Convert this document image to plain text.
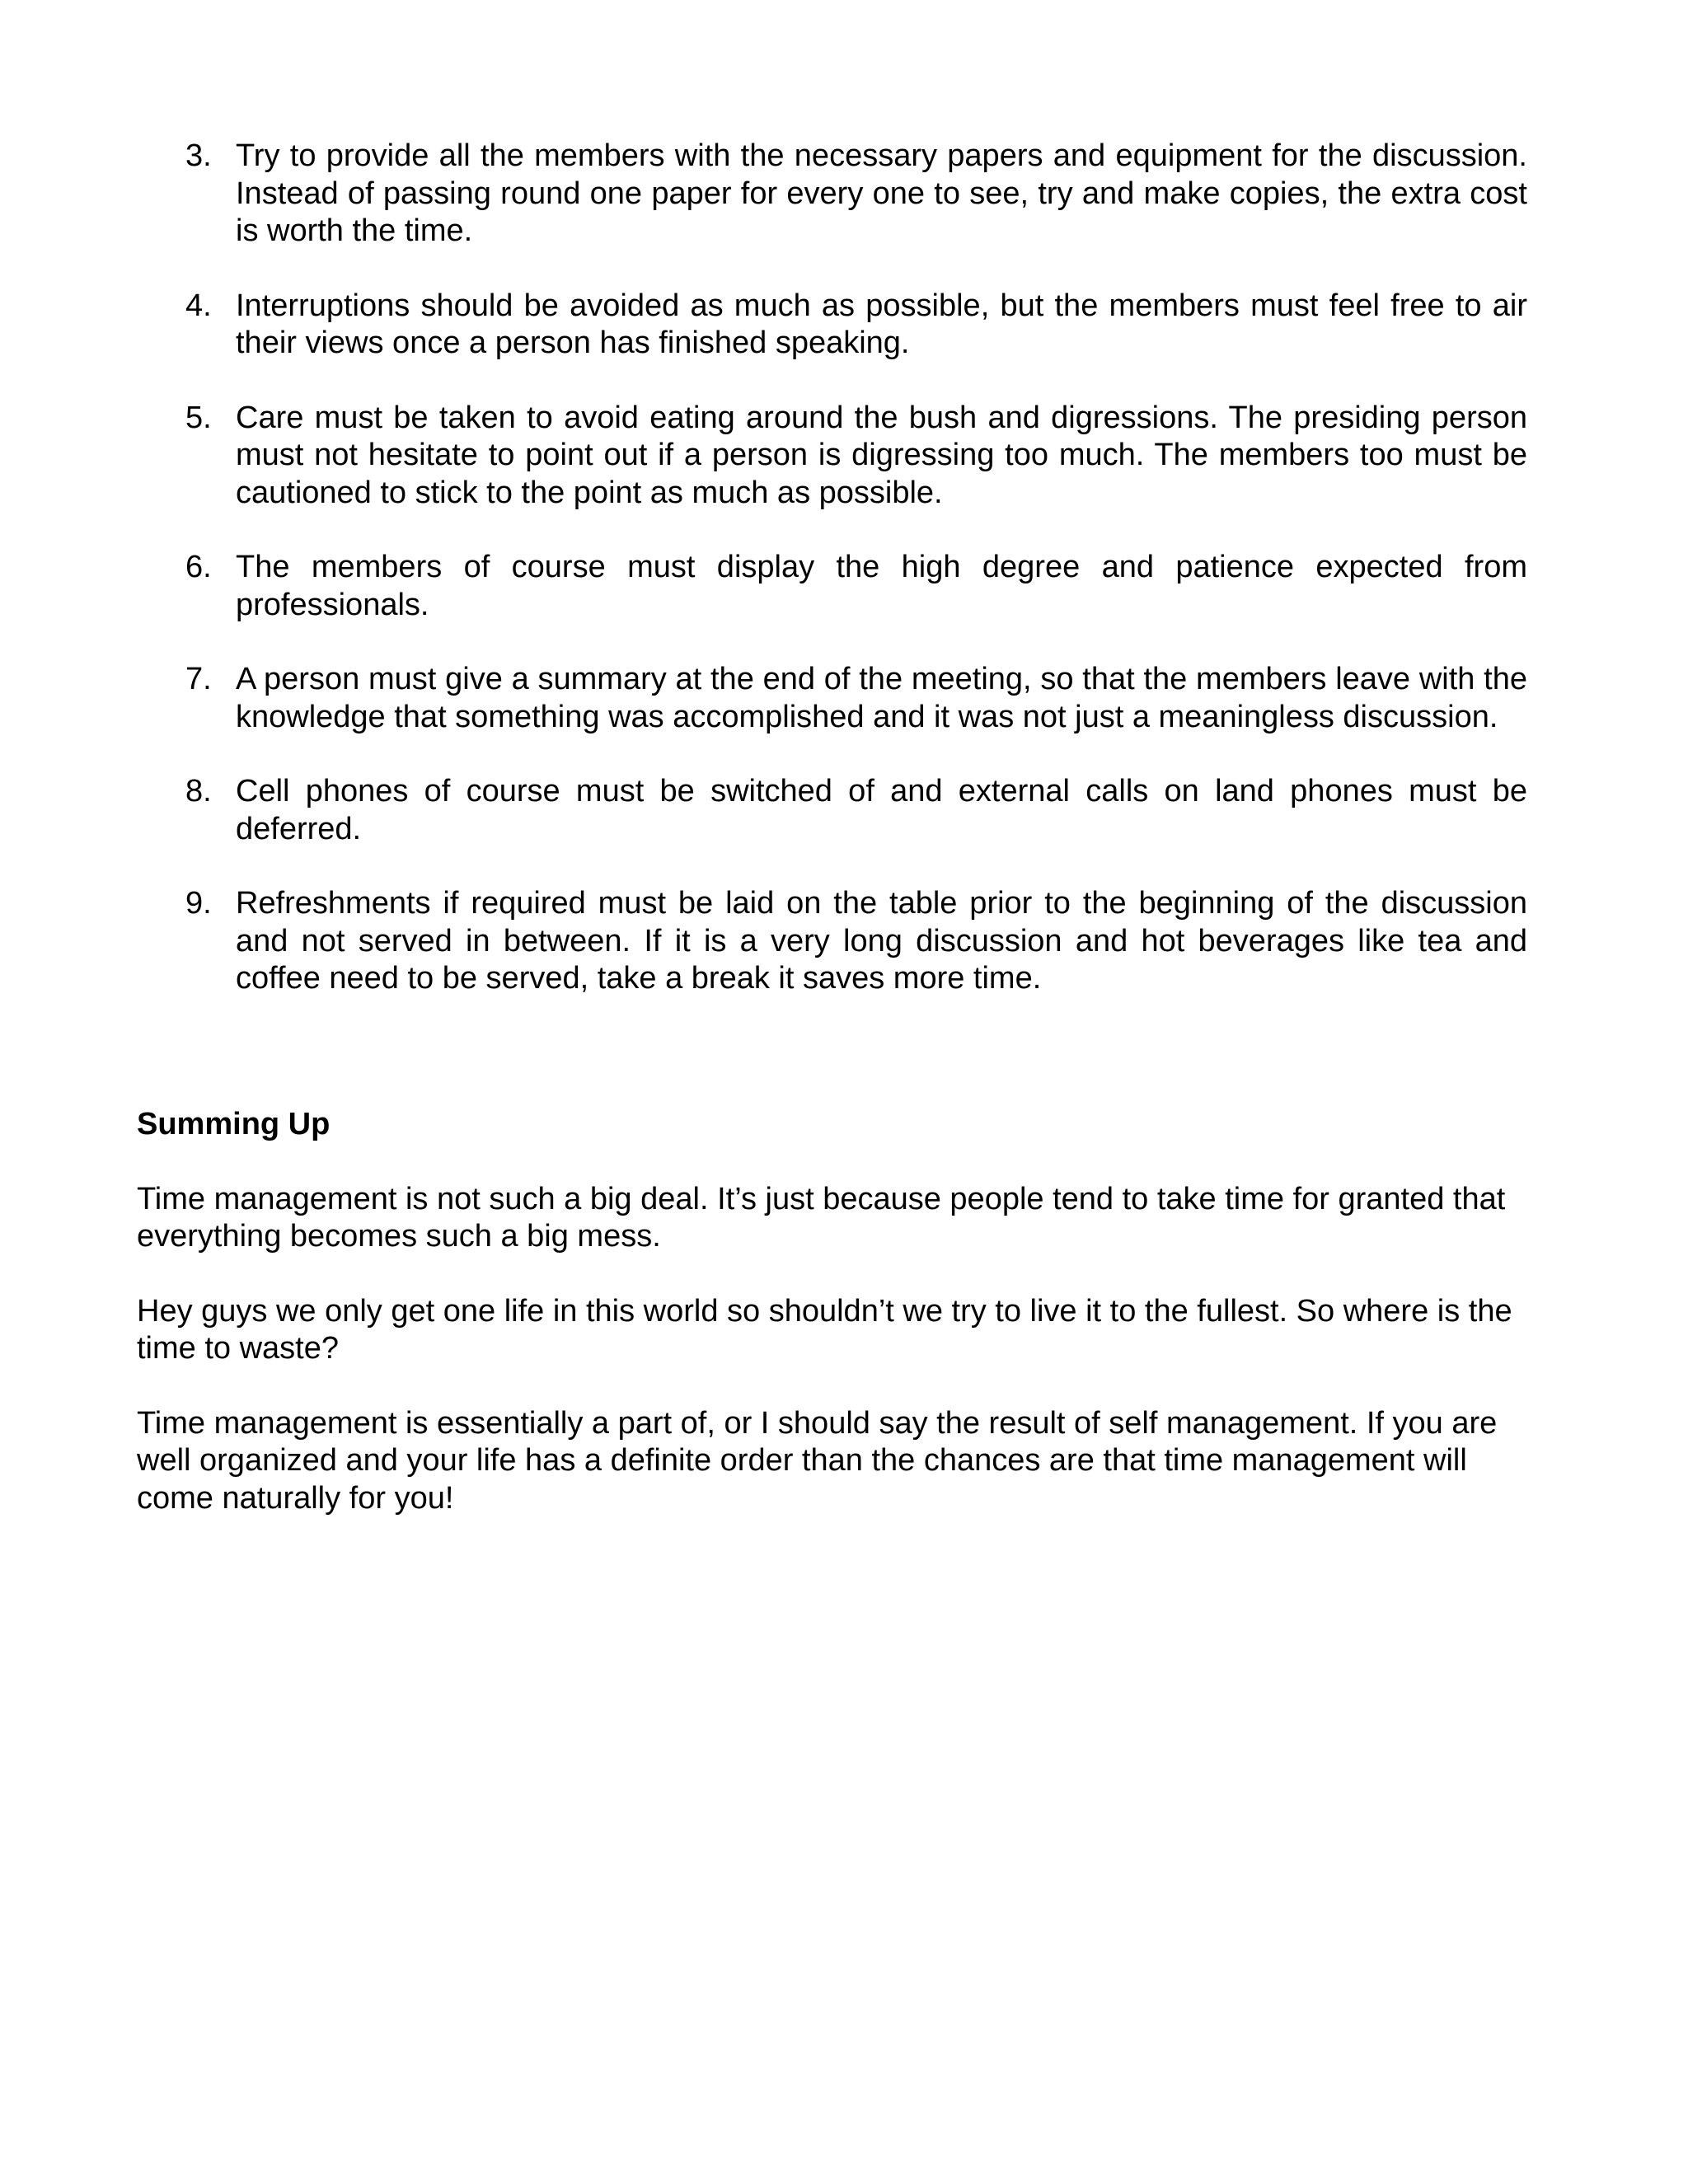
3. Try to provide all the members with the necessary papers and equipment for the discussion. Instead of passing round one paper for every one to see, try and make copies, the extra cost is worth the time.
4. Interruptions should be avoided as much as possible, but the members must feel free to air their views once a person has finished speaking.
5. Care must be taken to avoid eating around the bush and digressions. The presiding person must not hesitate to point out if a person is digressing too much. The members too must be cautioned to stick to the point as much as possible.
6. The members of course must display the high degree and patience expected from professionals.
7. A person must give a summary at the end of the meeting, so that the members leave with the knowledge that something was accomplished and it was not just a meaningless discussion.
8. Cell phones of course must be switched of and external calls on land phones must be deferred.
9. Refreshments if required must be laid on the table prior to the beginning of the discussion and not served in between. If it is a very long discussion and hot beverages like tea and coffee need to be served, take a break it saves more time.
Summing Up

Time management is not such a big deal. It’s just because people tend to take time for granted that everything becomes such a big mess.

Hey guys we only get one life in this world so shouldn’t we try to live it to the fullest. So where is the time to waste?

Time management is essentially a part of, or I should say the result of self management. If you are well organized and your life has a definite order than the chances are that time management will come naturally for you!
